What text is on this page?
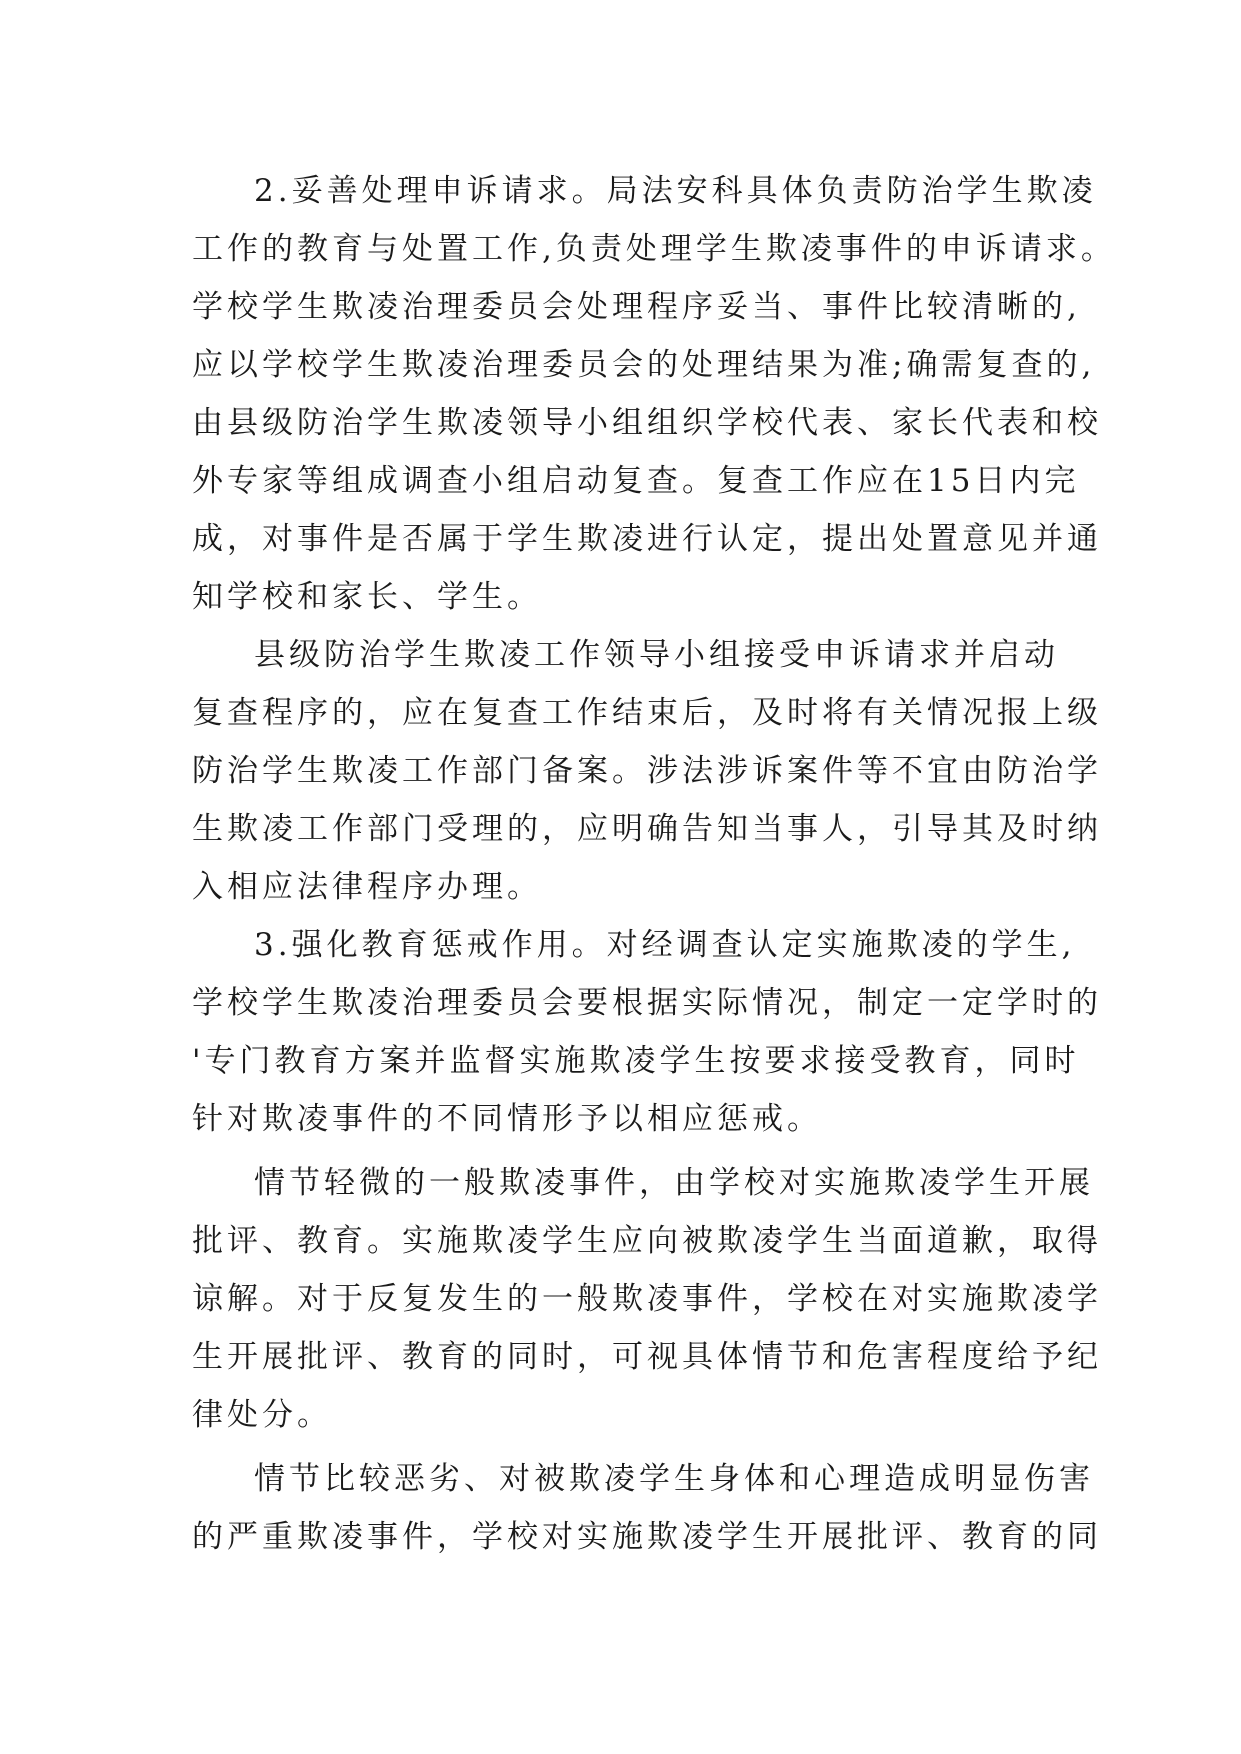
2.妥善处理申诉请求。局法安科具体负责防治学生欺凌
工作的教育与处置工作,负责处理学生欺凌事件的申诉请求。
学校学生欺凌治理委员会处理程序妥当、事件比较清晰的,
应以学校学生欺凌治理委员会的处理结果为准;确需复查的,
由县级防治学生欺凌领导小组组织学校代表、家长代表和校
外专家等组成调查小组启动复查。复查工作应在15日内完
成，对事件是否属于学生欺凌进行认定，提出处置意见并通
知学校和家长、学生。
县级防治学生欺凌工作领导小组接受申诉请求并启动
复查程序的，应在复查工作结束后，及时将有关情况报上级
防治学生欺凌工作部门备案。涉法涉诉案件等不宜由防治学
生欺凌工作部门受理的，应明确告知当事人，引导其及时纳
入相应法律程序办理。
3.强化教育惩戒作用。对经调查认定实施欺凌的学生,
学校学生欺凌治理委员会要根据实际情况，制定一定学时的
'专门教育方案并监督实施欺凌学生按要求接受教育，同时
针对欺凌事件的不同情形予以相应惩戒。
情节轻微的一般欺凌事件，由学校对实施欺凌学生开展
批评、教育。实施欺凌学生应向被欺凌学生当面道歉，取得
谅解。对于反复发生的一般欺凌事件，学校在对实施欺凌学
生开展批评、教育的同时，可视具体情节和危害程度给予纪
律处分。
情节比较恶劣、对被欺凌学生身体和心理造成明显伤害
的严重欺凌事件，学校对实施欺凌学生开展批评、教育的同
